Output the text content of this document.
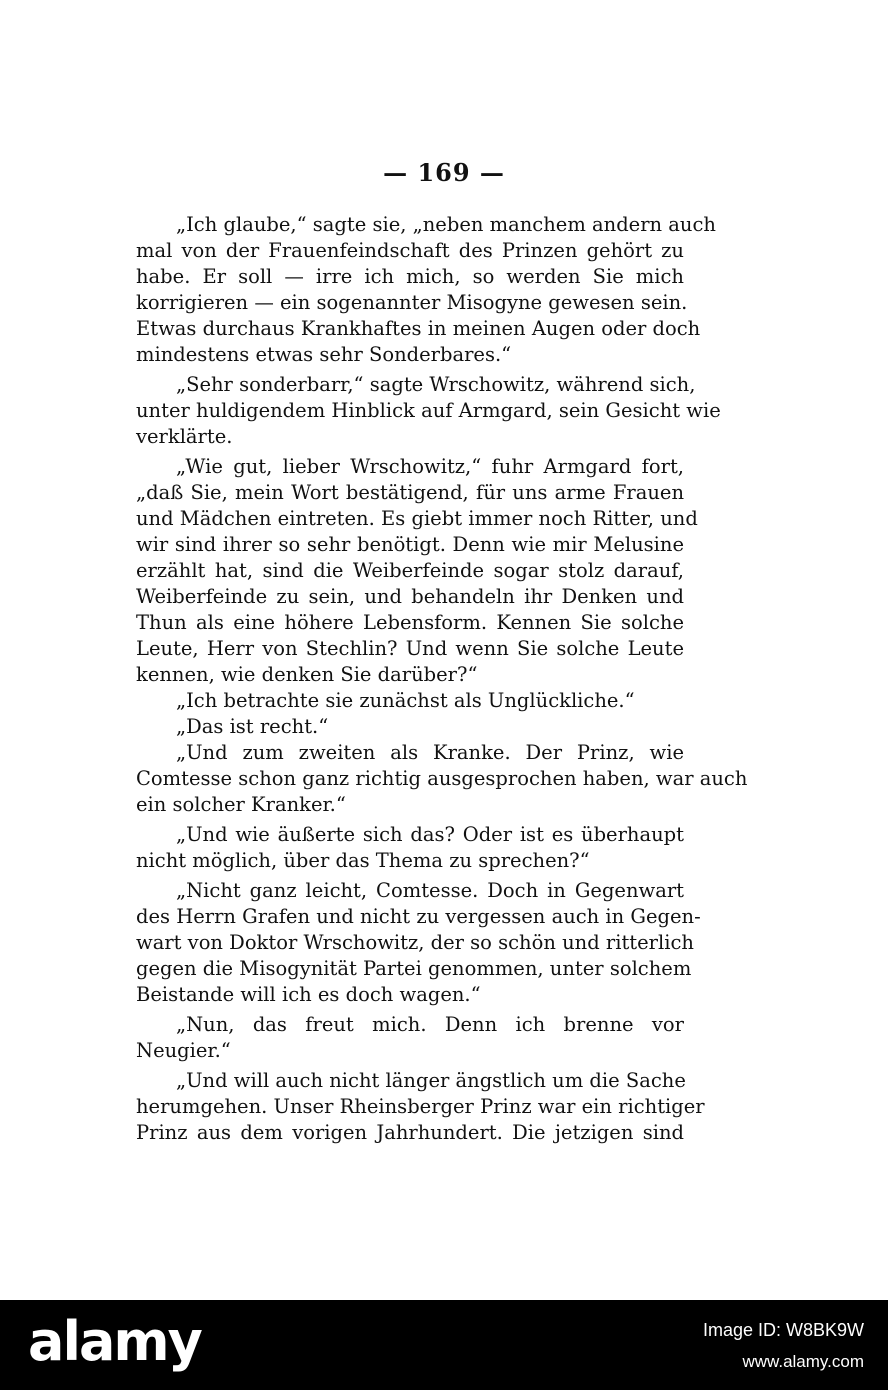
— 169 —
„Ich glaube,“ sagte sie, „neben manchem andern auch
mal von der Frauenfeindschaft des Prinzen gehört zu
habe. Er soll — irre ich mich, so werden Sie mich
korrigieren — ein sogenannter Misogyne gewesen sein.
Etwas durchaus Krankhaftes in meinen Augen oder doch
mindestens etwas sehr Sonderbares.“
„Sehr sonderbarr,“ sagte Wrschowitz, während sich,
unter huldigendem Hinblick auf Armgard, sein Gesicht wie
verklärte.
„Wie gut, lieber Wrschowitz,“ fuhr Armgard fort,
„daß Sie, mein Wort bestätigend, für uns arme Frauen
und Mädchen eintreten. Es giebt immer noch Ritter, und
wir sind ihrer so sehr benötigt. Denn wie mir Melusine
erzählt hat, sind die Weiberfeinde sogar stolz darauf,
Weiberfeinde zu sein, und behandeln ihr Denken und
Thun als eine höhere Lebensform. Kennen Sie solche
Leute, Herr von Stechlin? Und wenn Sie solche Leute
kennen, wie denken Sie darüber?“
„Ich betrachte sie zunächst als Unglückliche.“
„Das ist recht.“
„Und zum zweiten als Kranke. Der Prinz, wie
Comtesse schon ganz richtig ausgesprochen haben, war auch
ein solcher Kranker.“
„Und wie äußerte sich das? Oder ist es überhaupt
nicht möglich, über das Thema zu sprechen?“
„Nicht ganz leicht, Comtesse. Doch in Gegenwart
des Herrn Grafen und nicht zu vergessen auch in Gegen-
wart von Doktor Wrschowitz, der so schön und ritterlich
gegen die Misogynität Partei genommen, unter solchem
Beistande will ich es doch wagen.“
„Nun, das freut mich. Denn ich brenne vor
Neugier.“
„Und will auch nicht länger ängstlich um die Sache
herumgehen. Unser Rheinsberger Prinz war ein richtiger
Prinz aus dem vorigen Jahrhundert. Die jetzigen sind
alamy	Image ID: W8BK9W
www.alamy.com
